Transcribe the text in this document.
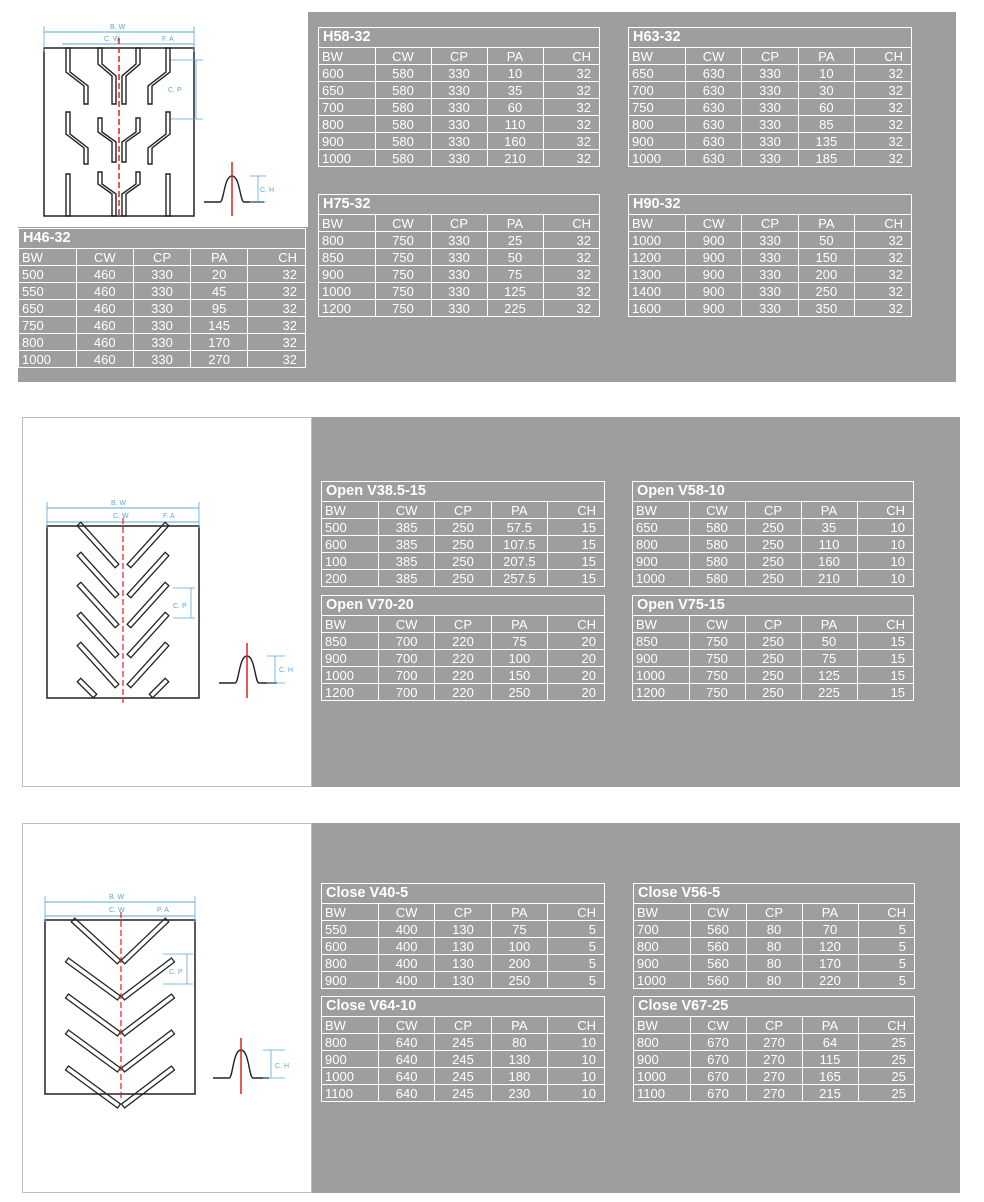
B. W
C. W	F. A
C. P
C. H
H46-32
BW	CW	CP	PA	CH
500	460	330	20	32
550	460	330	45	32
650	460	330	95	32
750	460	330	145	32
800	460	330	170	32
1000	460	330	270	32
H58-32
BW	CW	CP	PA	CH
600	580	330	10	32
650	580	330	35	32
700	580	330	60	32
800	580	330	110	32
900	580	330	160	32
1000	580	330	210	32
H63-32
BW	CW	CP	PA	CH
650	630	330	10	32
700	630	330	30	32
750	630	330	60	32
800	630	330	85	32
900	630	330	135	32
1000	630	330	185	32
H75-32
BW	CW	CP	PA	CH
800	750	330	25	32
850	750	330	50	32
900	750	330	75	32
1000	750	330	125	32
1200	750	330	225	32
H90-32
BW	CW	CP	PA	CH
1000	900	330	50	32
1200	900	330	150	32
1300	900	330	200	32
1400	900	330	250	32
1600	900	330	350	32
B. W
C. W	F. A
C. P
C. H
Open V38.5-15
BW	CW	CP	PA	CH
500	385	250	57.5	15
600	385	250	107.5	15
100	385	250	207.5	15
200	385	250	257.5	15
Open V70-20
BW	CW	CP	PA	CH
850	700	220	75	20
900	700	220	100	20
1000	700	220	150	20
1200	700	220	250	20
Open V58-10
BW	CW	CP	PA	CH
650	580	250	35	10
800	580	250	110	10
900	580	250	160	10
1000	580	250	210	10
Open V75-15
BW	CW	CP	PA	CH
850	750	250	50	15
900	750	250	75	15
1000	750	250	125	15
1200	750	250	225	15
B. W
C. W	P. A
C. P
C. H
Close V40-5
BW	CW	CP	PA	CH
550	400	130	75	5
600	400	130	100	5
800	400	130	200	5
900	400	130	250	5
Close V64-10
BW	CW	CP	PA	CH
800	640	245	80	10
900	640	245	130	10
1000	640	245	180	10
1100	640	245	230	10
Close V56-5
BW	CW	CP	PA	CH
700	560	80	70	5
800	560	80	120	5
900	560	80	170	5
1000	560	80	220	5
Close V67-25
BW	CW	CP	PA	CH
800	670	270	64	25
900	670	270	115	25
1000	670	270	165	25
1100	670	270	215	25
